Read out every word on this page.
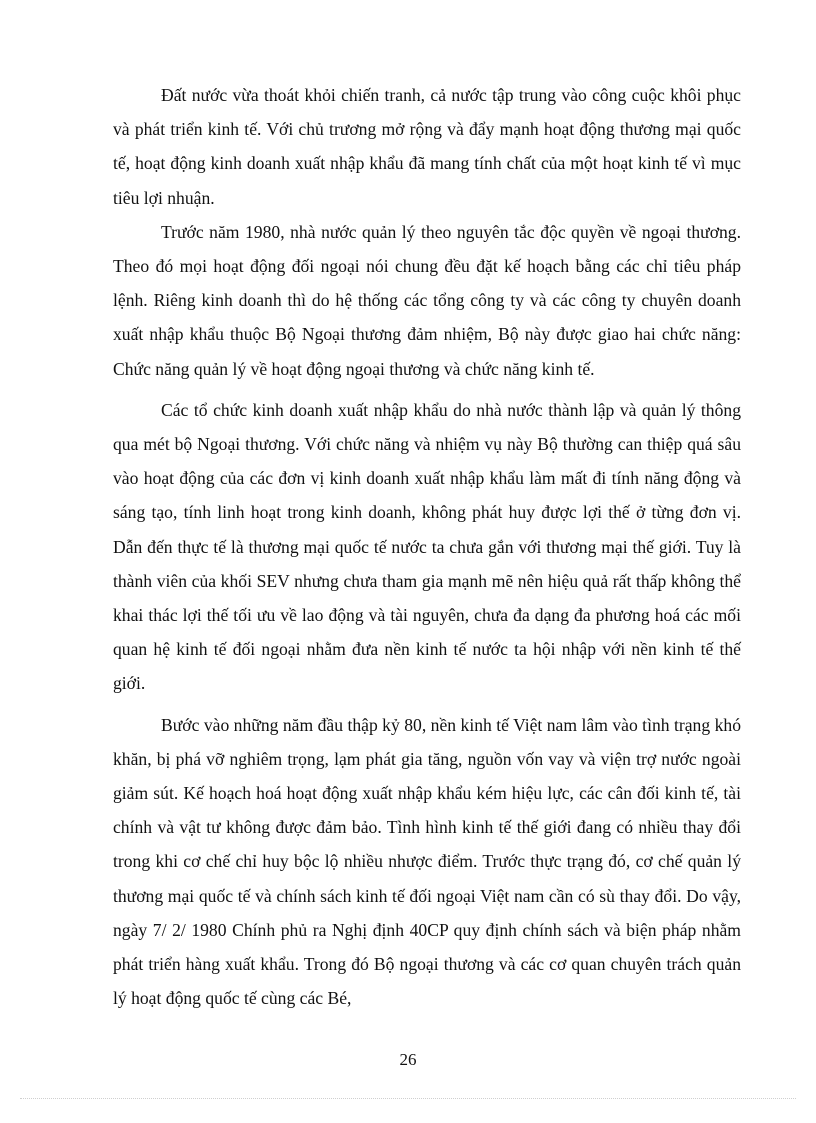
Đất nước vừa thoát khỏi chiến tranh, cả nước tập trung vào công cuộc khôi phục và phát triển kinh tế. Với chủ trương mở rộng và đẩy mạnh hoạt động thương mại quốc tế, hoạt động kinh doanh xuất nhập khẩu đã mang tính chất của một hoạt kinh tế vì mục tiêu lợi nhuận.

Trước năm 1980, nhà nước quản lý theo nguyên tắc độc quyền về ngoại thương. Theo đó mọi hoạt động đối ngoại nói chung đều đặt kế hoạch bằng các chỉ tiêu pháp lệnh. Riêng kinh doanh thì do hệ thống các tổng công ty và các công ty chuyên doanh xuất nhập khẩu thuộc Bộ Ngoại thương đảm nhiệm, Bộ này được giao hai chức năng: Chức năng quản lý về hoạt động ngoại thương và chức năng kinh tế.

Các tổ chức kinh doanh xuất nhập khẩu do nhà nước thành lập và quản lý thông qua mét bộ Ngoại thương. Với chức năng và nhiệm vụ này Bộ thường can thiệp quá sâu vào hoạt động của các đơn vị kinh doanh xuất nhập khẩu làm mất đi tính năng động và sáng tạo, tính linh hoạt trong kinh doanh, không phát huy được lợi thế ở từng đơn vị. Dẫn đến thực tế là thương mại quốc tế nước ta chưa gắn với thương mại thế giới. Tuy là thành viên của khối SEV nhưng chưa tham gia mạnh mẽ nên hiệu quả rất thấp không thể khai thác lợi thế tối ưu về lao động và tài nguyên, chưa đa dạng đa phương hoá các mối quan hệ kinh tế đối ngoại nhằm đưa nền kinh tế nước ta hội nhập với nền kinh tế thế giới.

Bước vào những năm đầu thập kỷ 80, nền kinh tế Việt nam lâm vào tình trạng khó khăn, bị phá vỡ nghiêm trọng, lạm phát gia tăng, nguồn vốn vay và viện trợ nước ngoài giảm sút. Kế hoạch hoá hoạt động xuất nhập khẩu kém hiệu lực, các cân đối kinh tế, tài chính và vật tư không được đảm bảo. Tình hình kinh tế thế giới đang có nhiều thay đổi trong khi cơ chế chỉ huy bộc lộ nhiều nhược điểm. Trước thực trạng đó, cơ chế quản lý thương mại quốc tế và chính sách kinh tế đối ngoại Việt nam cần có sù thay đổi. Do vậy, ngày 7/ 2/ 1980 Chính phủ ra Nghị định 40CP quy định chính sách và biện pháp nhằm phát triển hàng xuất khẩu. Trong đó Bộ ngoại thương và các cơ quan chuyên trách quản lý hoạt động quốc tế cùng các Bé,

26
